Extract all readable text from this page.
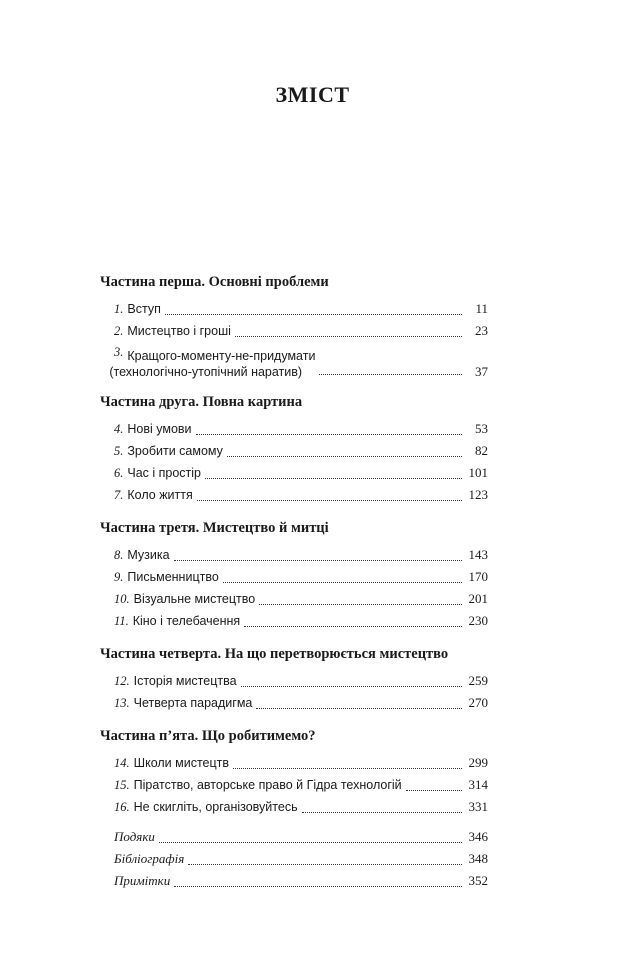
ЗМІСТ
Частина перша. Основні проблеми
1. Вступ	11
2. Мистецтво і гроші	23
3. Кращого-моменту-не-придумати
(технологічно-утопічний наратив)	37
Частина друга. Повна картина
4. Нові умови	53
5. Зробити самому	82
6. Час і простір	101
7. Коло життя	123
Частина третя. Мистецтво й митці
8. Музика	143
9. Письменництво	170
10. Візуальне мистецтво	201
11. Кіно і телебачення	230
Частина четверта. На що перетворюється мистецтво
12. Історія мистецтва	259
13. Четверта парадигма	270
Частина п’ята. Що робитимемо?
14. Школи мистецтв	299
15. Піратство, авторське право й Гідра технологій	314
16. Не скигліть, організовуйтесь	331
Подяки	346
Бібліографія	348
Примітки	352
